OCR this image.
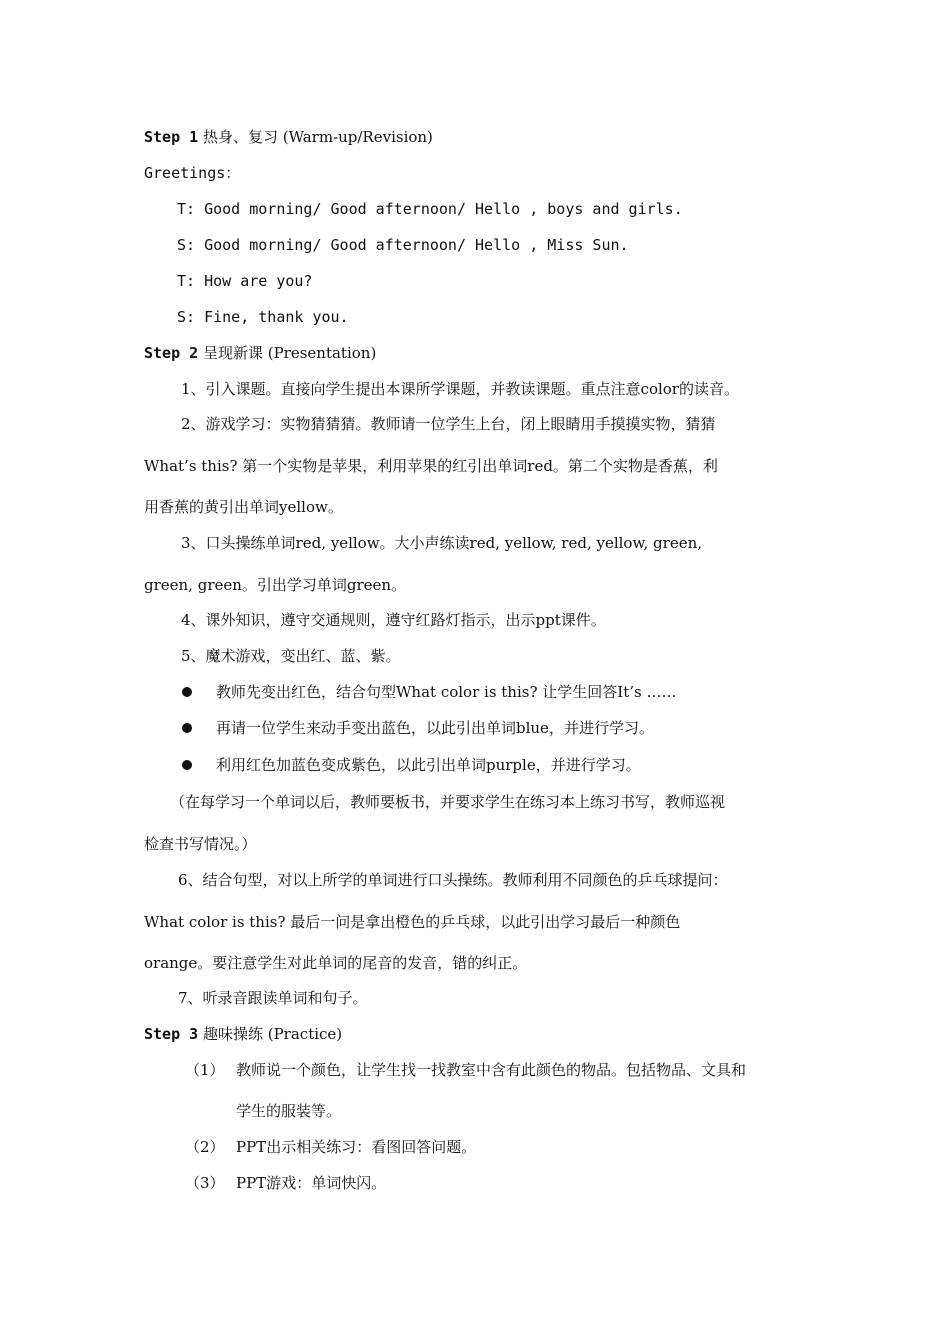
Step 1 热身、复习 (Warm-up/Revision)
Greetings：
T: Good morning/ Good afternoon/ Hello , boys and girls.
S: Good morning/ Good afternoon/ Hello , Miss Sun.
T: How are you?
S: Fine, thank you.
Step 2 呈现新课 (Presentation)
1、引入课题。直接向学生提出本课所学课题，并教读课题。重点注意color的读音。
2、游戏学习：实物猜猜猜。教师请一位学生上台，闭上眼睛用手摸摸实物，猜猜
What’s this? 第一个实物是苹果，利用苹果的红引出单词red。第二个实物是香蕉，利
用香蕉的黄引出单词yellow。
3、口头操练单词red, yellow。大小声练读red, yellow, red, yellow, green,
green, green。引出学习单词green。
4、课外知识，遵守交通规则，遵守红路灯指示，出示ppt课件。
5、魔术游戏，变出红、蓝、紫。
教师先变出红色，结合句型What color is this? 让学生回答It’s ……
再请一位学生来动手变出蓝色，以此引出单词blue，并进行学习。
利用红色加蓝色变成紫色，以此引出单词purple，并进行学习。
（在每学习一个单词以后，教师要板书，并要求学生在练习本上练习书写，教师巡视
检查书写情况。）
6、结合句型，对以上所学的单词进行口头操练。教师利用不同颜色的乒乓球提问：
What color is this? 最后一问是拿出橙色的乒乓球，以此引出学习最后一种颜色
orange。要注意学生对此单词的尾音的发音，错的纠正。
7、听录音跟读单词和句子。
Step 3 趣味操练 (Practice)
（1） 教师说一个颜色，让学生找一找教室中含有此颜色的物品。包括物品、文具和
学生的服装等。
（2） PPT出示相关练习：看图回答问题。
（3） PPT游戏：单词快闪。
